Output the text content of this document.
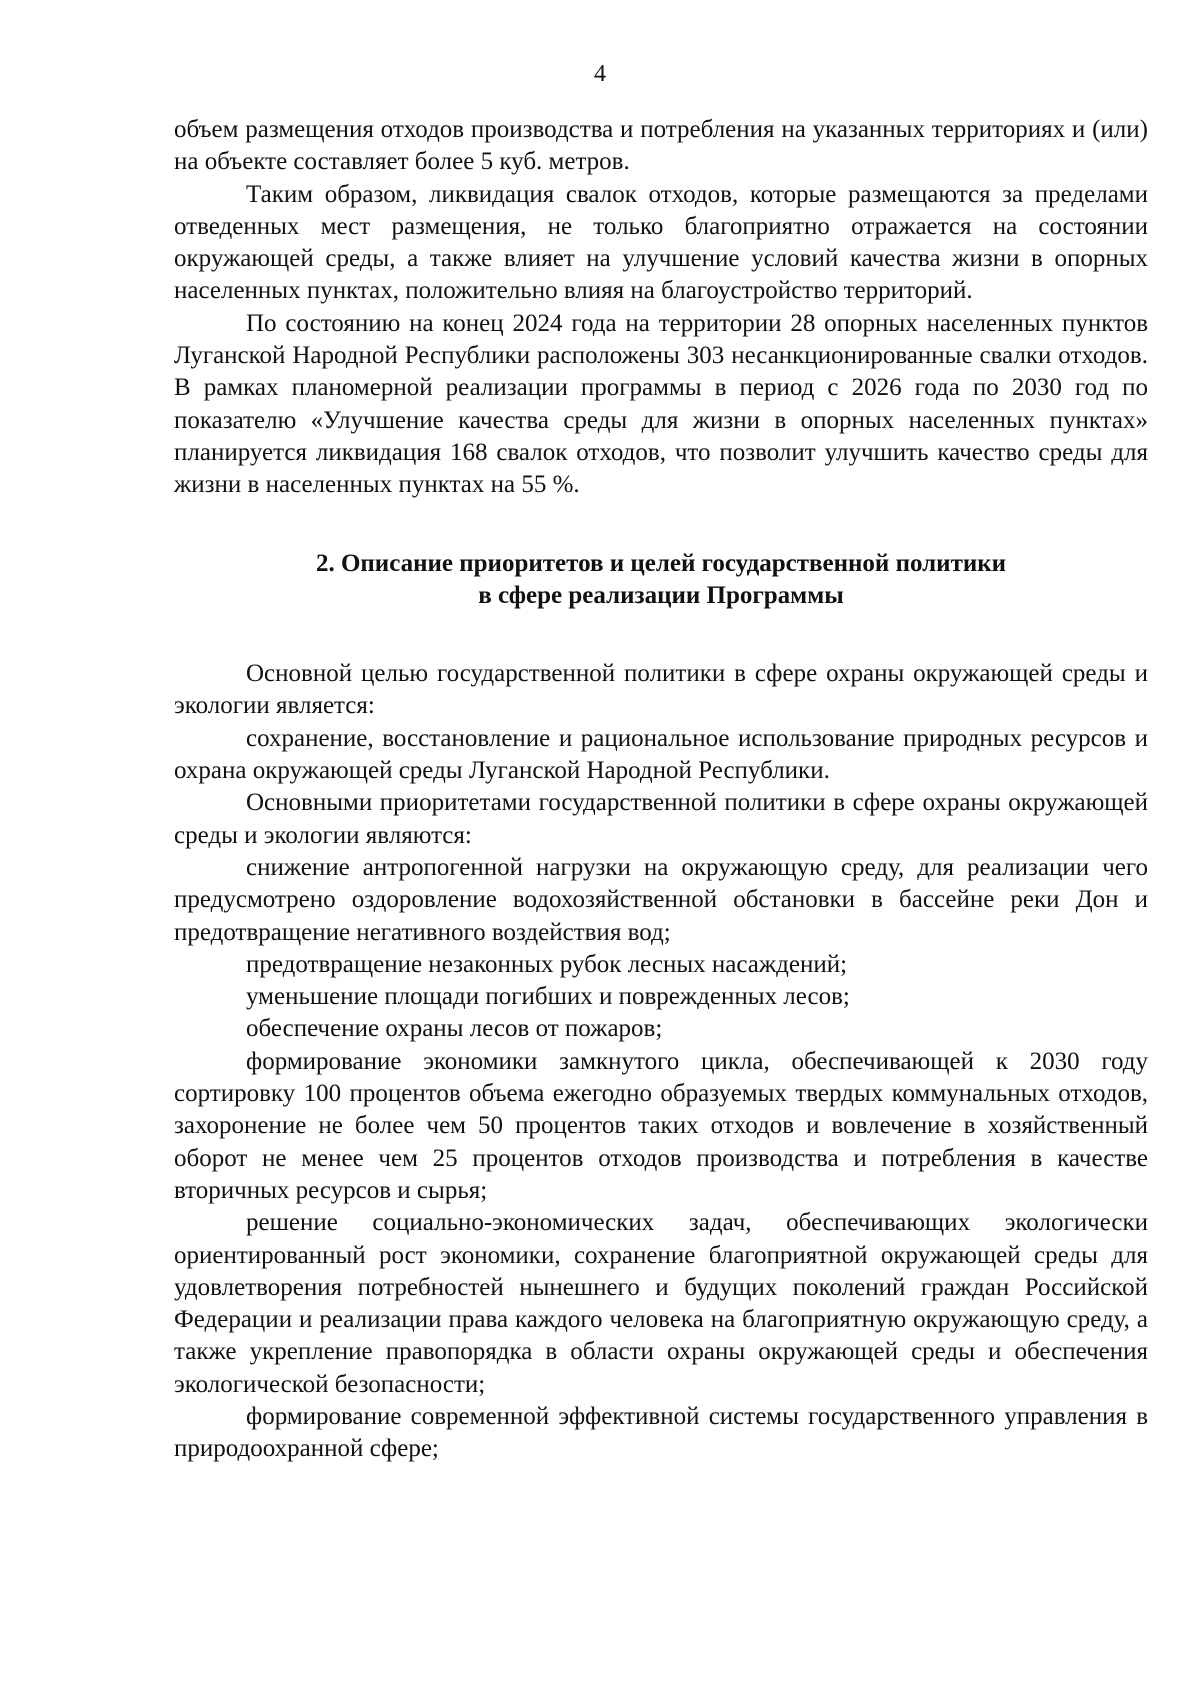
4

объем размещения отходов производства и потребления на указанных территориях и (или) на объекте составляет более 5 куб. метров.

Таким образом, ликвидация свалок отходов, которые размещаются за пределами отведенных мест размещения, не только благоприятно отражается на состоянии окружающей среды, а также влияет на улучшение условий качества жизни в опорных населенных пунктах, положительно влияя на благоустройство территорий.

По состоянию на конец 2024 года на территории 28 опорных населенных пунктов Луганской Народной Республики расположены 303 несанкционированные свалки отходов. В рамках планомерной реализации программы в период с 2026 года по 2030 год по показателю «Улучшение качества среды для жизни в опорных населенных пунктах» планируется ликвидация 168 свалок отходов, что позволит улучшить качество среды для жизни в населенных пунктах на 55 %.

2. Описание приоритетов и целей государственной политики
в сфере реализации Программы

Основной целью государственной политики в сфере охраны окружающей среды и экологии является:

сохранение, восстановление и рациональное использование природных ресурсов и охрана окружающей среды Луганской Народной Республики.

Основными приоритетами государственной политики в сфере охраны окружающей среды и экологии являются:

снижение антропогенной нагрузки на окружающую среду, для реализации чего предусмотрено оздоровление водохозяйственной обстановки в бассейне реки Дон и предотвращение негативного воздействия вод;

предотвращение незаконных рубок лесных насаждений;

уменьшение площади погибших и поврежденных лесов;

обеспечение охраны лесов от пожаров;

формирование экономики замкнутого цикла, обеспечивающей к 2030 году сортировку 100 процентов объема ежегодно образуемых твердых коммунальных отходов, захоронение не более чем 50 процентов таких отходов и вовлечение в хозяйственный оборот не менее чем 25 процентов отходов производства и потребления в качестве вторичных ресурсов и сырья;

решение социально-экономических задач, обеспечивающих экологически ориентированный рост экономики, сохранение благоприятной окружающей среды для удовлетворения потребностей нынешнего и будущих поколений граждан Российской Федерации и реализации права каждого человека на благоприятную окружающую среду, а также укрепление правопорядка в области охраны окружающей среды и обеспечения экологической безопасности;

формирование современной эффективной системы государственного управления в природоохранной сфере;
